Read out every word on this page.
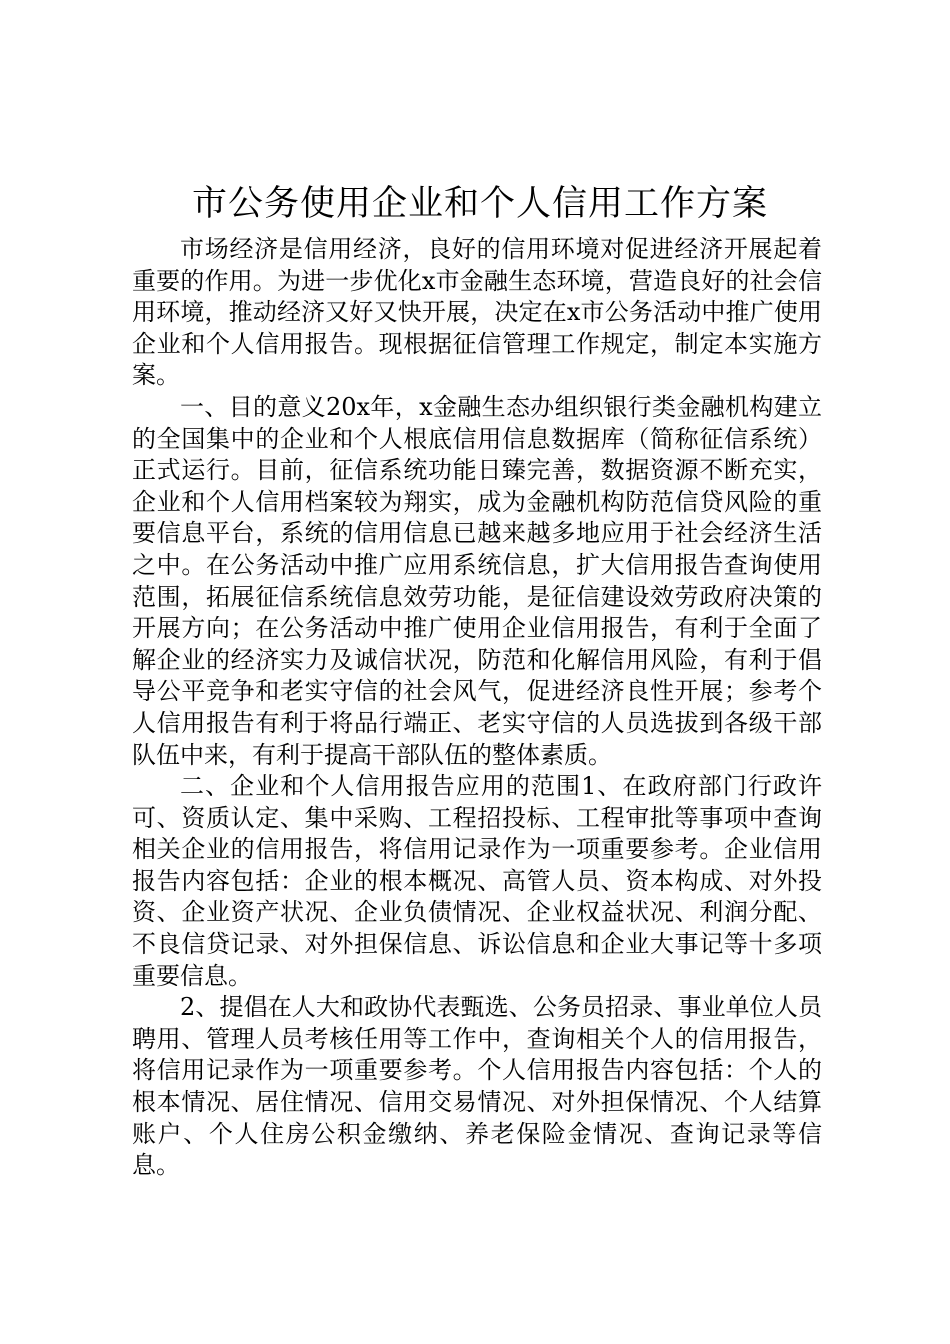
市公务使用企业和个人信用工作方案

市场经济是信用经济，良好的信用环境对促进经济开展起着重要的作用。为进一步优化x市金融生态环境，营造良好的社会信用环境，推动经济又好又快开展，决定在x市公务活动中推广使用企业和个人信用报告。现根据征信管理工作规定，制定本实施方案。

一、目的意义20x年，x金融生态办组织银行类金融机构建立的全国集中的企业和个人根底信用信息数据库（简称征信系统）正式运行。目前，征信系统功能日臻完善，数据资源不断充实，企业和个人信用档案较为翔实，成为金融机构防范信贷风险的重要信息平台，系统的信用信息已越来越多地应用于社会经济生活之中。在公务活动中推广应用系统信息，扩大信用报告查询使用范围，拓展征信系统信息效劳功能，是征信建设效劳政府决策的开展方向；在公务活动中推广使用企业信用报告，有利于全面了解企业的经济实力及诚信状况，防范和化解信用风险，有利于倡导公平竞争和老实守信的社会风气，促进经济良性开展；参考个人信用报告有利于将品行端正、老实守信的人员选拔到各级干部队伍中来，有利于提高干部队伍的整体素质。

二、企业和个人信用报告应用的范围1、在政府部门行政许可、资质认定、集中采购、工程招投标、工程审批等事项中查询相关企业的信用报告，将信用记录作为一项重要参考。企业信用报告内容包括：企业的根本概况、高管人员、资本构成、对外投资、企业资产状况、企业负债情况、企业权益状况、利润分配、不良信贷记录、对外担保信息、诉讼信息和企业大事记等十多项重要信息。

2、提倡在人大和政协代表甄选、公务员招录、事业单位人员聘用、管理人员考核任用等工作中，查询相关个人的信用报告，将信用记录作为一项重要参考。个人信用报告内容包括：个人的根本情况、居住情况、信用交易情况、对外担保情况、个人结算账户、个人住房公积金缴纳、养老保险金情况、查询记录等信息。
